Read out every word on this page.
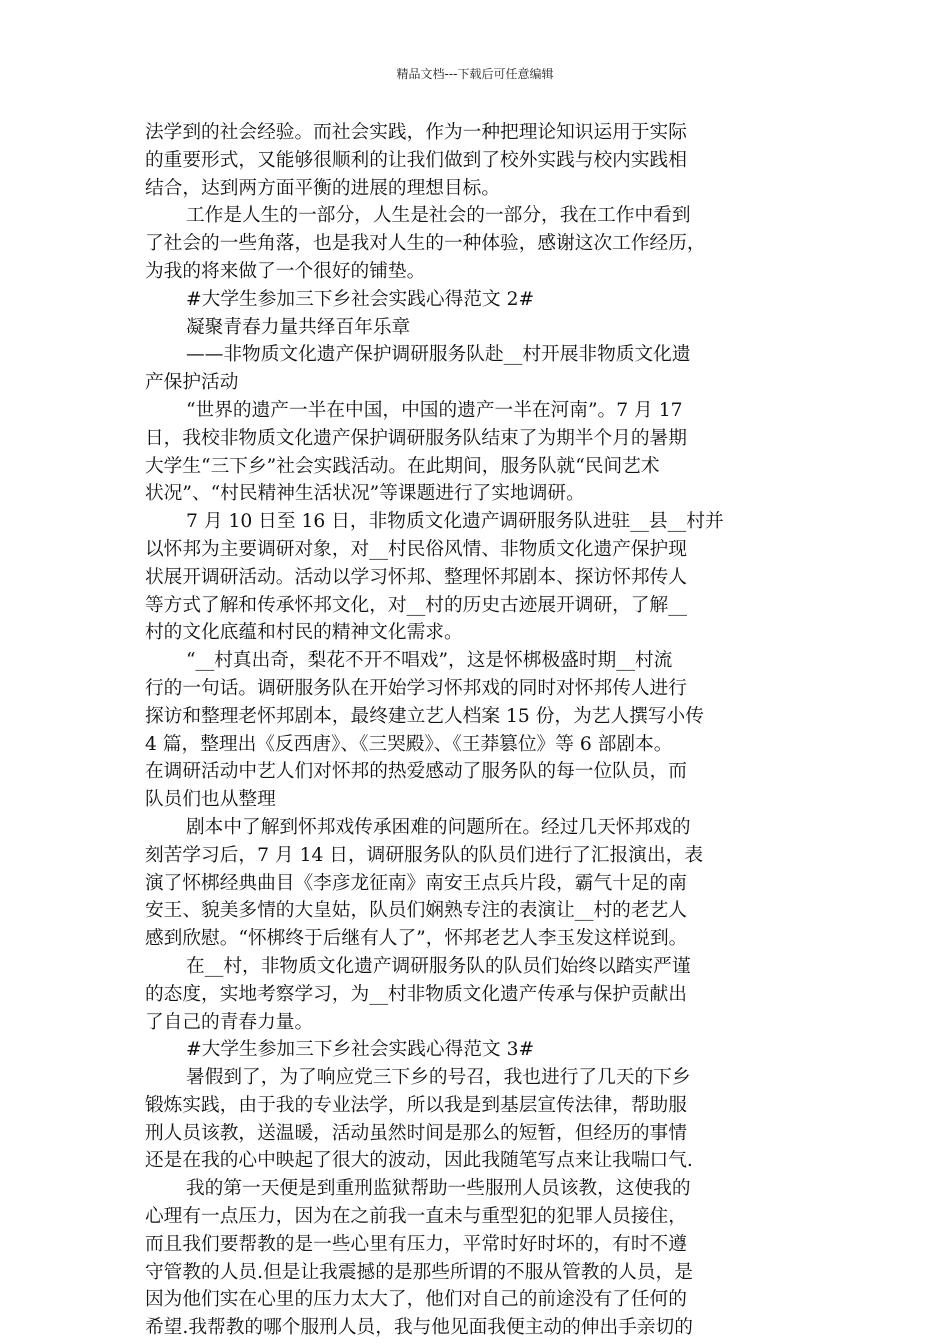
精品文档---下载后可任意编辑
法学到的社会经验。而社会实践，作为一种把理论知识运用于实际
的重要形式，又能够很顺利的让我们做到了校外实践与校内实践相
结合，达到两方面平衡的进展的理想目标。
工作是人生的一部分，人生是社会的一部分，我在工作中看到
了社会的一些角落，也是我对人生的一种体验，感谢这次工作经历，
为我的将来做了一个很好的铺垫。
#大学生参加三下乡社会实践心得范文 2#
凝聚青春力量共绎百年乐章
——非物质文化遗产保护调研服务队赴__村开展非物质文化遗
产保护活动
“世界的遗产一半在中国，中国的遗产一半在河南”。7 月 17
日，我校非物质文化遗产保护调研服务队结束了为期半个月的暑期
大学生“三下乡”社会实践活动。在此期间，服务队就“民间艺术
状况”、“村民精神生活状况”等课题进行了实地调研。
7 月 10 日至 16 日，非物质文化遗产调研服务队进驻__县__村并
以怀邦为主要调研对象，对__村民俗风情、非物质文化遗产保护现
状展开调研活动。活动以学习怀邦、整理怀邦剧本、探访怀邦传人
等方式了解和传承怀邦文化，对__村的历史古迹展开调研，了解__
村的文化底蕴和村民的精神文化需求。
“__村真出奇，梨花不开不唱戏”，这是怀梆极盛时期__村流
行的一句话。调研服务队在开始学习怀邦戏的同时对怀邦传人进行
探访和整理老怀邦剧本，最终建立艺人档案 15 份，为艺人撰写小传
4 篇，整理出《反西唐》、《三哭殿》、《王莽篡位》等 6 部剧本。
在调研活动中艺人们对怀邦的热爱感动了服务队的每一位队员，而
队员们也从整理
剧本中了解到怀邦戏传承困难的问题所在。经过几天怀邦戏的
刻苦学习后，7 月 14 日，调研服务队的队员们进行了汇报演出，表
演了怀梆经典曲目《李彦龙征南》南安王点兵片段，霸气十足的南
安王、貌美多情的大皇姑，队员们娴熟专注的表演让__村的老艺人
感到欣慰。“怀梆终于后继有人了”，怀邦老艺人李玉发这样说到。
在__村，非物质文化遗产调研服务队的队员们始终以踏实严谨
的态度，实地考察学习，为__村非物质文化遗产传承与保护贡献出
了自己的青春力量。
#大学生参加三下乡社会实践心得范文 3#
暑假到了，为了响应党三下乡的号召，我也进行了几天的下乡
锻炼实践，由于我的专业法学，所以我是到基层宣传法律，帮助服
刑人员该教，送温暖，活动虽然时间是那么的短暂，但经历的事情
还是在我的心中映起了很大的波动，因此我随笔写点来让我喘口气.
我的第一天便是到重刑监狱帮助一些服刑人员该教，这使我的
心理有一点压力，因为在之前我一直未与重型犯的犯罪人员接住，
而且我们要帮教的是一些心里有压力，平常时好时坏的，有时不遵
守管教的人员.但是让我震撼的是那些所谓的不服从管教的人员，是
因为他们实在心里的压力太大了，他们对自己的前途没有了任何的
希望.我帮教的哪个服刑人员，我与他见面我便主动的伸出手亲切的
